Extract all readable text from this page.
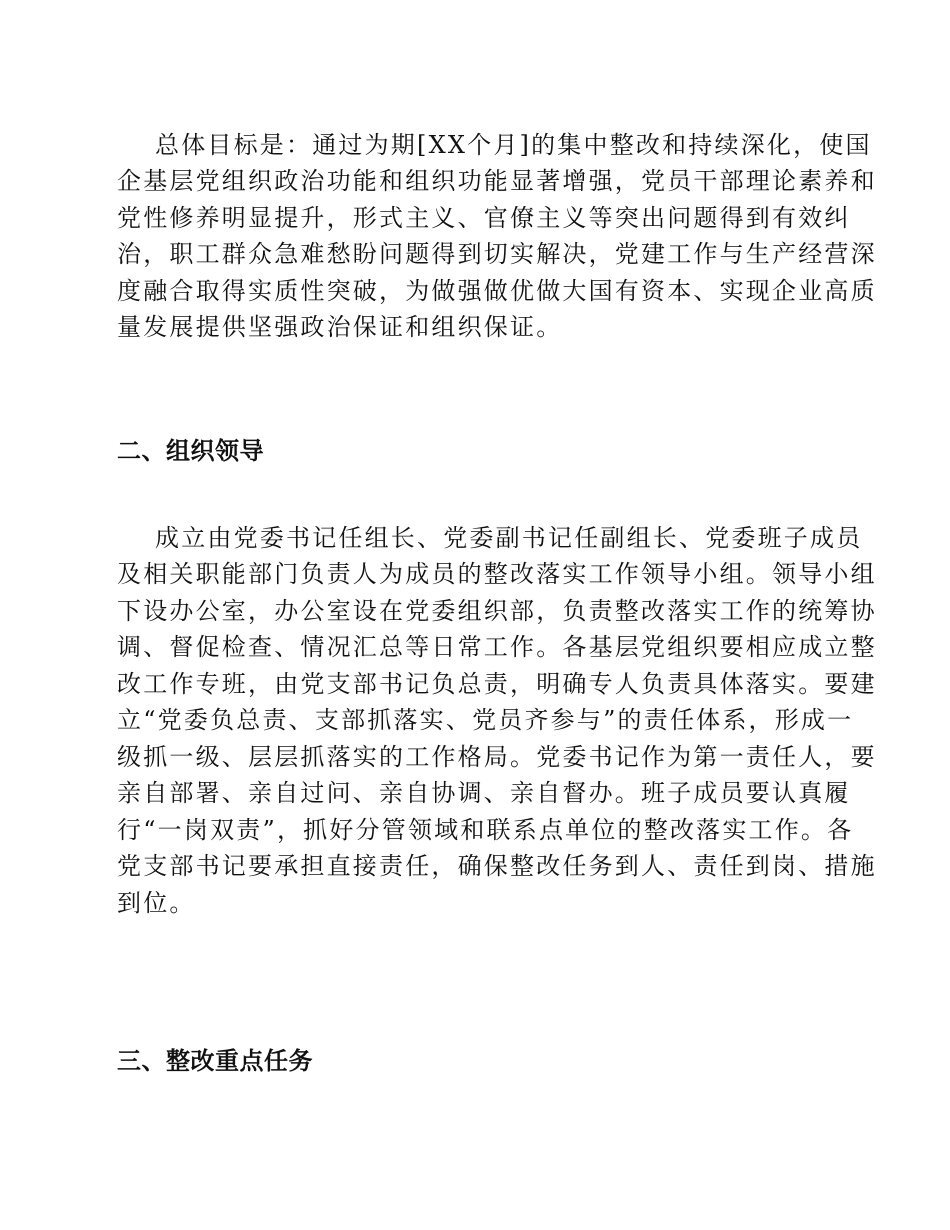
总体目标是：通过为期[XX个月]的集中整改和持续深化，使国
企基层党组织政治功能和组织功能显著增强，党员干部理论素养和
党性修养明显提升，形式主义、官僚主义等突出问题得到有效纠
治，职工群众急难愁盼问题得到切实解决，党建工作与生产经营深
度融合取得实质性突破，为做强做优做大国有资本、实现企业高质
量发展提供坚强政治保证和组织保证。
二、组织领导
成立由党委书记任组长、党委副书记任副组长、党委班子成员
及相关职能部门负责人为成员的整改落实工作领导小组。领导小组
下设办公室，办公室设在党委组织部，负责整改落实工作的统筹协
调、督促检查、情况汇总等日常工作。各基层党组织要相应成立整
改工作专班，由党支部书记负总责，明确专人负责具体落实。要建
立“党委负总责、支部抓落实、党员齐参与”的责任体系，形成一
级抓一级、层层抓落实的工作格局。党委书记作为第一责任人，要
亲自部署、亲自过问、亲自协调、亲自督办。班子成员要认真履
行“一岗双责”，抓好分管领域和联系点单位的整改落实工作。各
党支部书记要承担直接责任，确保整改任务到人、责任到岗、措施
到位。
三、整改重点任务
